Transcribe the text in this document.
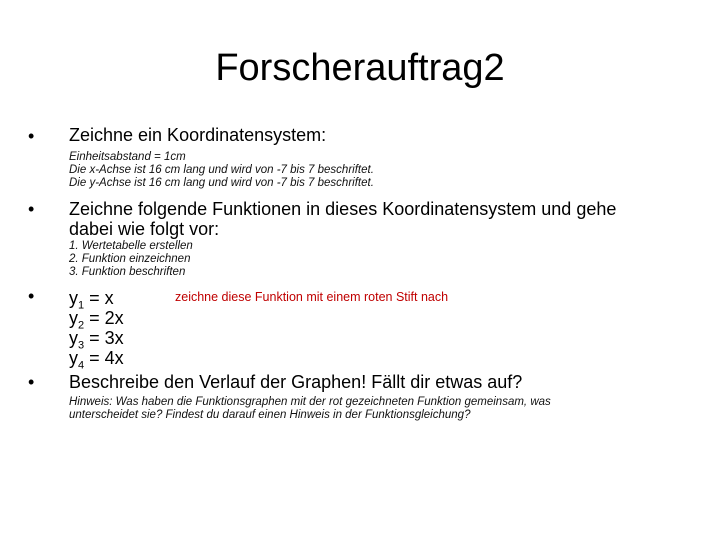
Forscherauftrag2
• Zeichne ein Koordinatensystem:
Einheitsabstand = 1cm
Die x-Achse ist 16 cm lang und wird von -7 bis 7 beschriftet.
Die y-Achse ist 16 cm lang und wird von -7 bis 7 beschriftet.
• Zeichne folgende Funktionen in dieses Koordinatensystem und gehe
dabei wie folgt vor:
1. Wertetabelle erstellen
2. Funktion einzeichnen
3. Funktion beschriften
• $y_1 = x$
$y_2 = 2x$
$y_3 = 3x$
$y_4 = 4x$
zeichne diese Funktion mit einem roten Stift nach
• Beschreibe den Verlauf der Graphen! Fällt dir etwas auf?
Hinweis: Was haben die Funktionsgraphen mit der rot gezeichneten Funktion gemeinsam, was
unterscheidet sie? Findest du darauf einen Hinweis in der Funktionsgleichung?
